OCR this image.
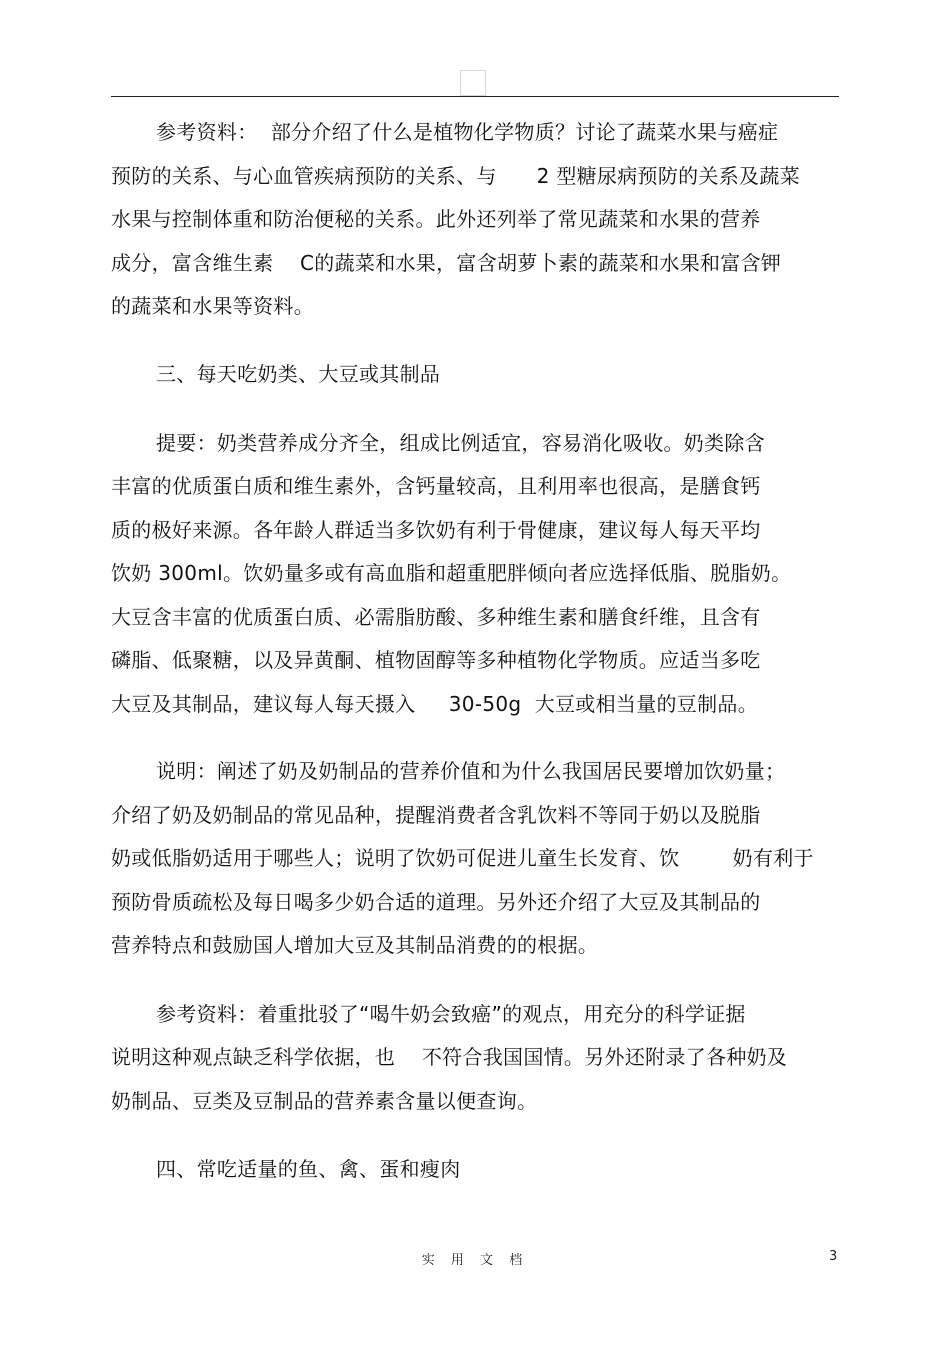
参考资料：  部分介绍了什么是植物化学物质？讨论了蔬菜水果与癌症
预防的关系、与心血管疾病预防的关系、与      2 型糖尿病预防的关系及蔬菜
水果与控制体重和防治便秘的关系。此外还列举了常见蔬菜和水果的营养
成分，富含维生素    C的蔬菜和水果，富含胡萝卜素的蔬菜和水果和富含钾
的蔬菜和水果等资料。
三、每天吃奶类、大豆或其制品
提要：奶类营养成分齐全，组成比例适宜，容易消化吸收。奶类除含
丰富的优质蛋白质和维生素外，含钙量较高，且利用率也很高，是膳食钙
质的极好来源。各年龄人群适当多饮奶有利于骨健康，建议每人每天平均
饮奶 300ml。饮奶量多或有高血脂和超重肥胖倾向者应选择低脂、脱脂奶。
大豆含丰富的优质蛋白质、必需脂肪酸、多种维生素和膳食纤维，且含有
磷脂、低聚糖，以及异黄酮、植物固醇等多种植物化学物质。应适当多吃
大豆及其制品，建议每人每天摄入     30-50g  大豆或相当量的豆制品。
说明：阐述了奶及奶制品的营养价值和为什么我国居民要增加饮奶量；
介绍了奶及奶制品的常见品种，提醒消费者含乳饮料不等同于奶以及脱脂
奶或低脂奶适用于哪些人；说明了饮奶可促进儿童生长发育、饮        奶有利于
预防骨质疏松及每日喝多少奶合适的道理。另外还介绍了大豆及其制品的
营养特点和鼓励国人增加大豆及其制品消费的的根据。
参考资料：着重批驳了“喝牛奶会致癌”的观点，用充分的科学证据
说明这种观点缺乏科学依据，也    不符合我国国情。另外还附录了各种奶及
奶制品、豆类及豆制品的营养素含量以便查询。
四、常吃适量的鱼、禽、蛋和瘦肉
实 用 文 档	3
